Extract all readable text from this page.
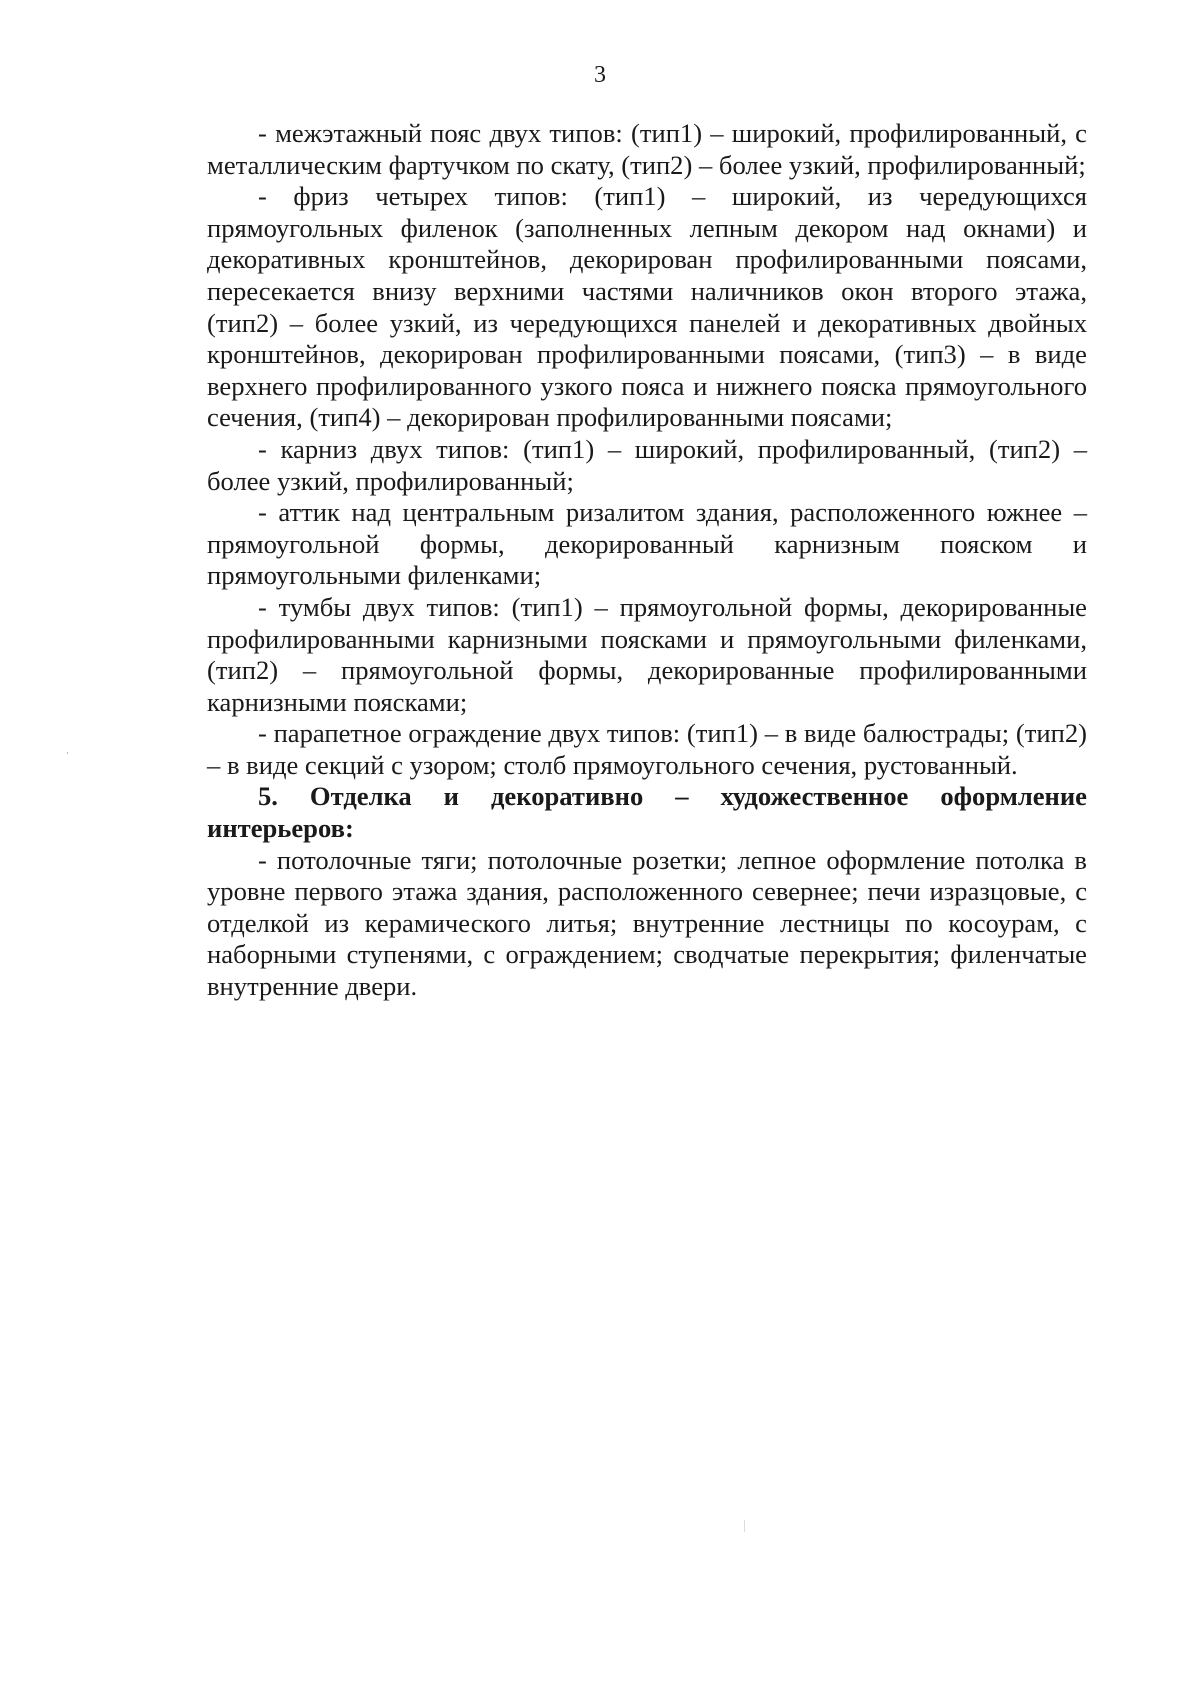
3

- межэтажный пояс двух типов: (тип1) – широкий, профилированный, с металлическим фартучком по скату, (тип2) – более узкий, профилированный;

- фриз четырех типов: (тип1) – широкий, из чередующихся прямоугольных филенок (заполненных лепным декором над окнами) и декоративных кронштейнов, декорирован профилированными поясами, пересекается внизу верхними частями наличников окон второго этажа, (тип2) – более узкий, из чередующихся панелей и декоративных двойных кронштейнов, декорирован профилированными поясами, (тип3) – в виде верхнего профилированного узкого пояса и нижнего пояска прямоугольного сечения, (тип4) – декорирован профилированными поясами;

- карниз двух типов: (тип1) – широкий, профилированный, (тип2) – более узкий, профилированный;

- аттик над центральным ризалитом здания, расположенного южнее – прямоугольной формы, декорированный карнизным пояском и прямоугольными филенками;

- тумбы двух типов: (тип1) – прямоугольной формы, декорированные профилированными карнизными поясками и прямоугольными филенками, (тип2) – прямоугольной формы, декорированные профилированными карнизными поясками;

- парапетное ограждение двух типов: (тип1) – в виде балюстрады; (тип2) – в виде секций с узором; столб прямоугольного сечения, рустованный.

5. Отделка и декоративно – художественное оформление интерьеров:

- потолочные тяги; потолочные розетки; лепное оформление потолка в уровне первого этажа здания, расположенного севернее; печи изразцовые, с отделкой из керамического литья; внутренние лестницы по косоурам, с наборными ступенями, с ограждением; сводчатые перекрытия; филенчатые внутренние двери.
